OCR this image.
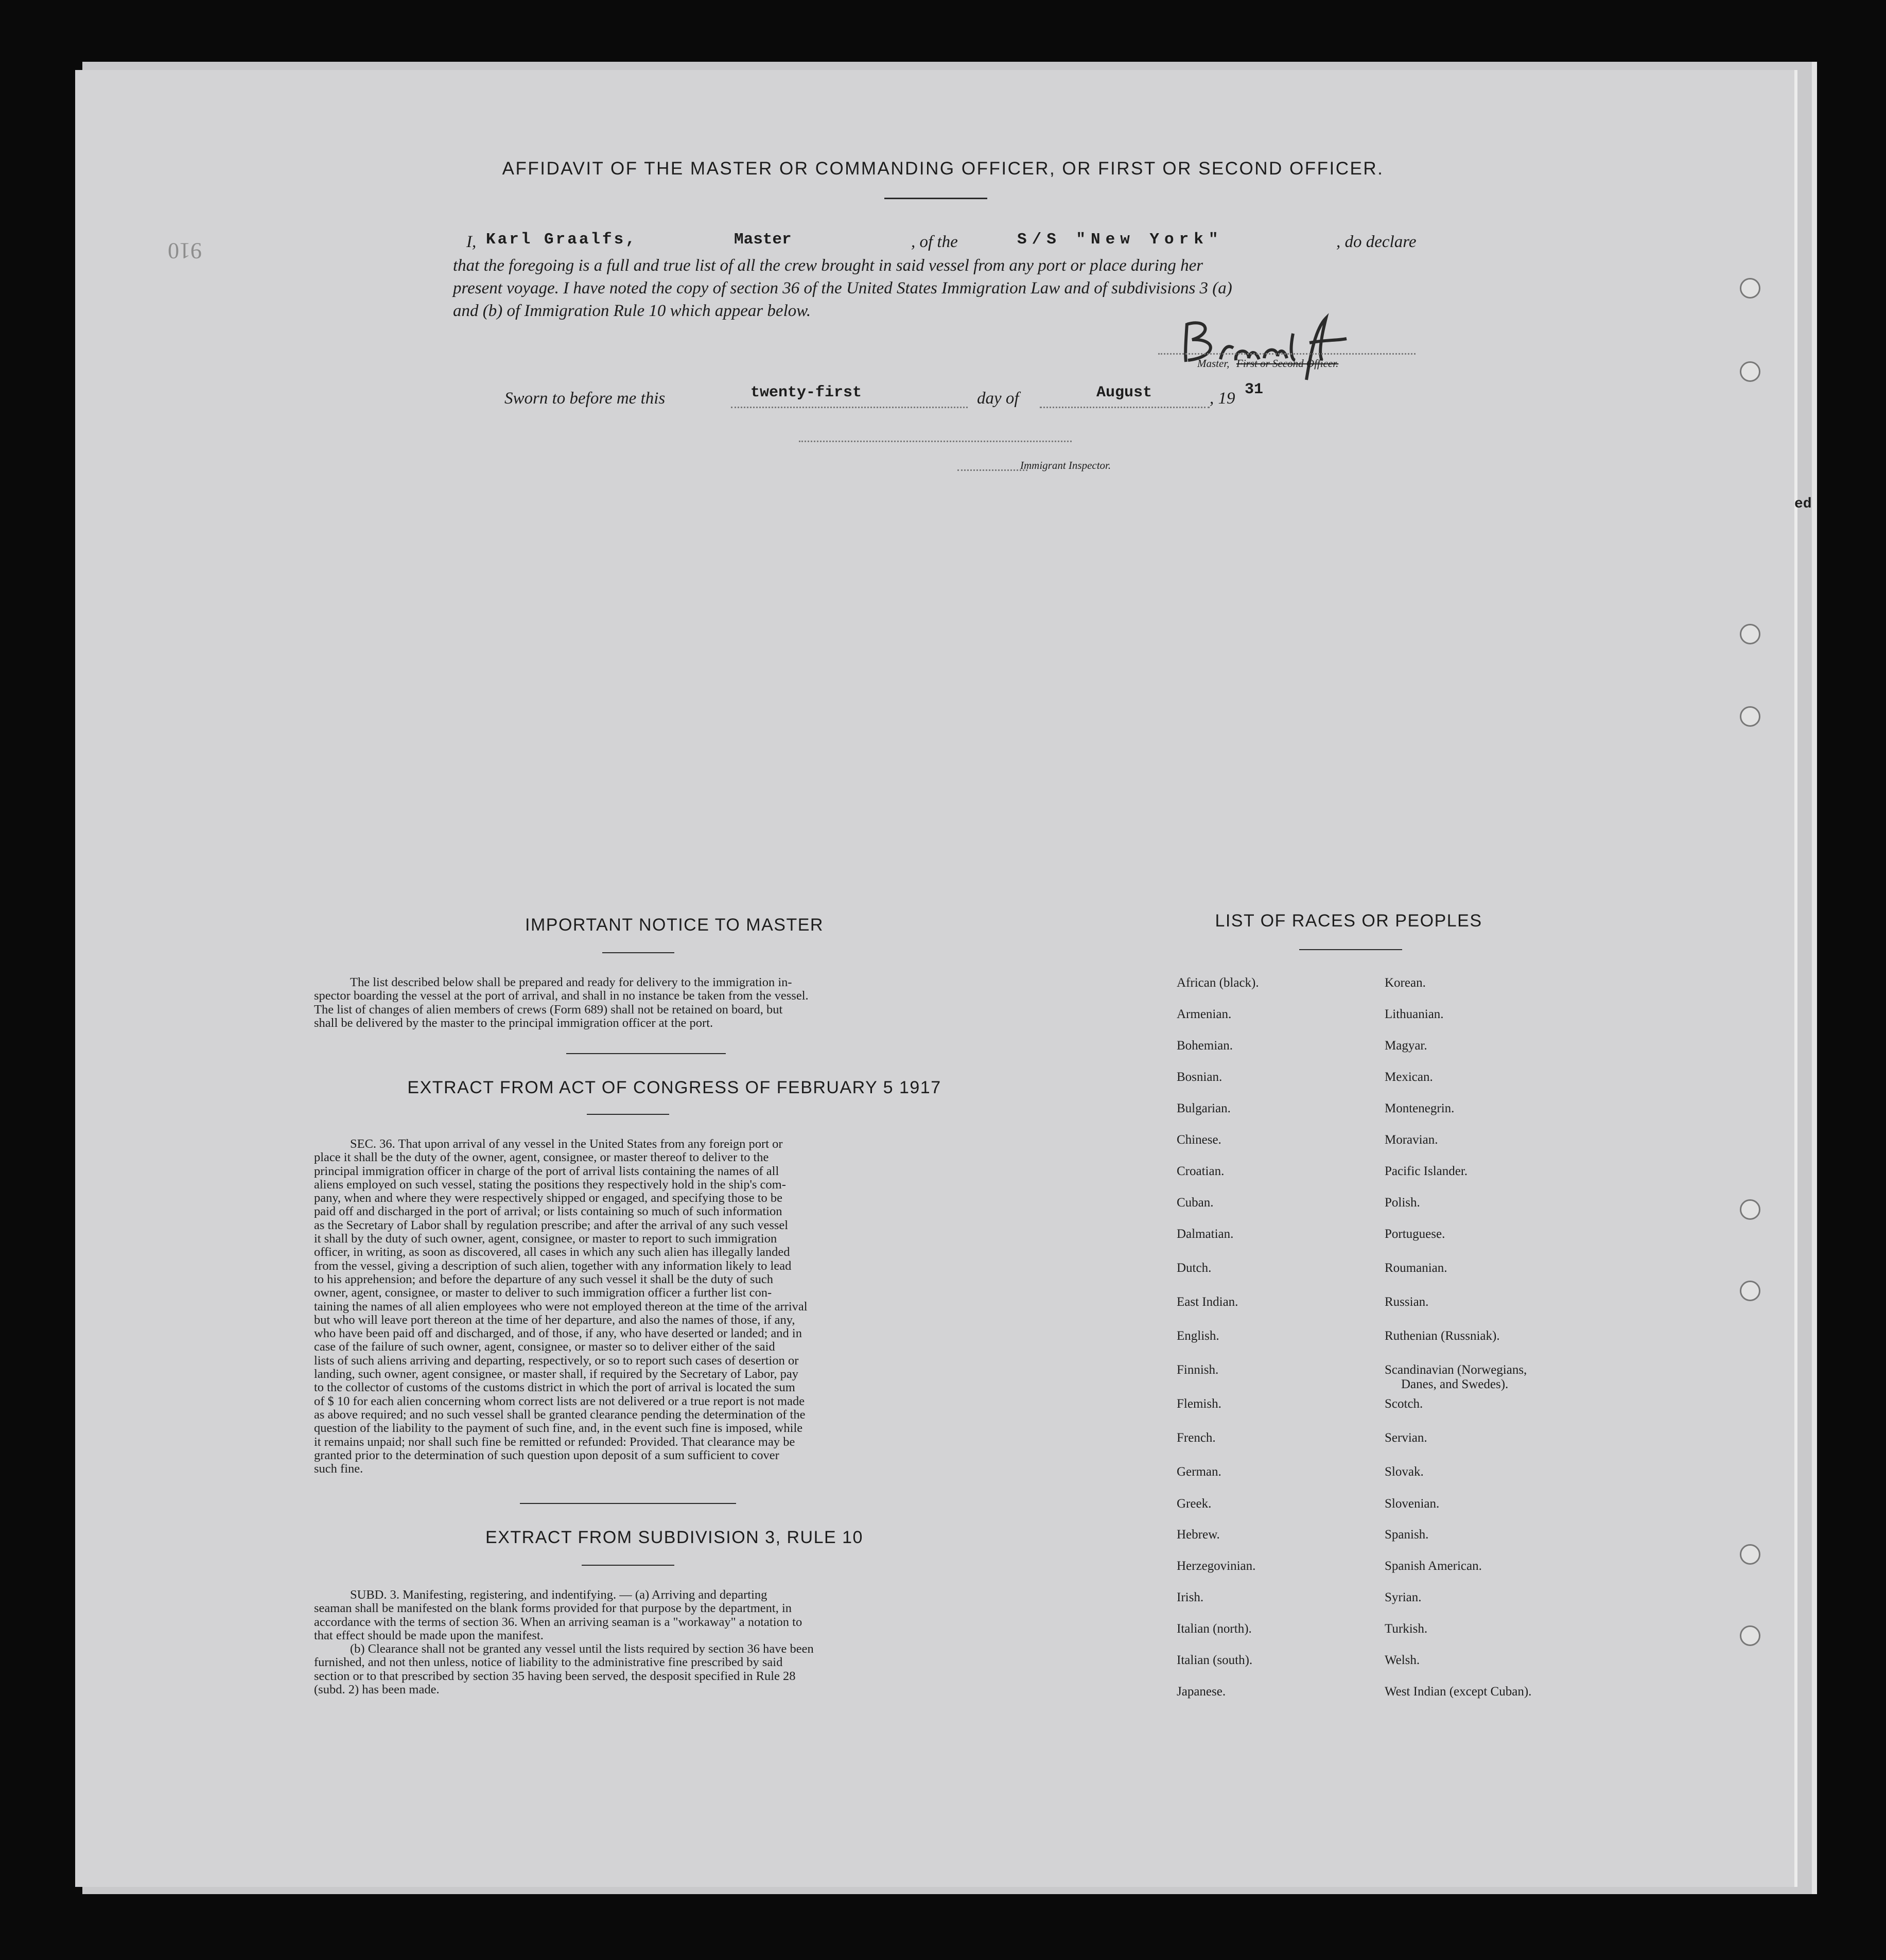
AFFIDAVIT OF THE MASTER OR COMMANDING OFFICER, OR FIRST OR SECOND OFFICER.
910	I, Karl Graalfs,	Master	, of the	S/S "New York"	, do declare
that the foregoing is a full and true list of all the crew brought in said vessel from any port or place during her
present voyage. I have noted the copy of section 36 of the United States Immigration Law and of subdivisions 3 (a)
and (b) of Immigration Rule 10 which appear below.
Master, First or Second Officer.
Sworn to before me this	twenty-first	day of	August	, 19 31
Immigrant Inspector.
ed
IMPORTANT NOTICE TO MASTER

The list described below shall be prepared and ready for delivery to the immigration in-

spector boarding the vessel at the port of arrival, and shall in no instance be taken from the vessel.
The list of changes of alien members of crews (Form 689) shall not be retained on board, but
shall be delivered by the master to the principal immigration officer at the port.
EXTRACT FROM ACT OF CONGRESS OF FEBRUARY 5 1917

SEC. 36. That upon arrival of any vessel in the United States from any foreign port or

place it shall be the duty of the owner, agent, consignee, or master thereof to deliver to the
principal immigration officer in charge of the port of arrival lists containing the names of all
aliens employed on such vessel, stating the positions they respectively hold in the ship's com-
pany, when and where they were respectively shipped or engaged, and specifying those to be
paid off and discharged in the port of arrival; or lists containing so much of such information
as the Secretary of Labor shall by regulation prescribe; and after the arrival of any such vessel
it shall by the duty of such owner, agent, consignee, or master to report to such immigration
officer, in writing, as soon as discovered, all cases in which any such alien has illegally landed
from the vessel, giving a description of such alien, together with any information likely to lead
to his apprehension; and before the departure of any such vessel it shall be the duty of such
owner, agent, consignee, or master to deliver to such immigration officer a further list con-
taining the names of all alien employees who were not employed thereon at the time of the arrival
but who will leave port thereon at the time of her departure, and also the names of those, if any,
who have been paid off and discharged, and of those, if any, who have deserted or landed; and in
case of the failure of such owner, agent, consignee, or master so to deliver either of the said
lists of such aliens arriving and departing, respectively, or so to report such cases of desertion or
landing, such owner, agent consignee, or master shall, if required by the Secretary of Labor, pay
to the collector of customs of the customs district in which the port of arrival is located the sum
of $ 10 for each alien concerning whom correct lists are not delivered or a true report is not made
as above required; and no such vessel shall be granted clearance pending the determination of the
question of the liability to the payment of such fine, and, in the event such fine is imposed, while
it remains unpaid; nor shall such fine be remitted or refunded: Provided. That clearance may be
granted prior to the determination of such question upon deposit of a sum sufficient to cover
such fine.
EXTRACT FROM SUBDIVISION 3, RULE 10

SUBD. 3. Manifesting, registering, and indentifying. — (a) Arriving and departing

seaman shall be manifested on the blank forms provided for that purpose by the department, in
accordance with the terms of section 36. When an arriving seaman is a "workaway" a notation to
that effect should be made upon the manifest.

(b) Clearance shall not be granted any vessel until the lists required by section 36 have been

furnished, and not then unless, notice of liability to the administrative fine prescribed by said
section or to that prescribed by section 35 having been served, the desposit specified in Rule 28
(subd. 2) has been made.
LIST OF RACES OR PEOPLES
African (black).
Armenian.
Bohemian.
Bosnian.
Bulgarian.
Chinese.
Croatian.
Cuban.
Dalmatian.
Dutch.
East Indian.
English.
Finnish.
Flemish.
French.
German.
Greek.
Hebrew.
Herzegovinian.
Irish.
Italian (north).
Italian (south).
Japanese.
Korean.
Lithuanian.
Magyar.
Mexican.
Montenegrin.
Moravian.
Pacific Islander.
Polish.
Portuguese.
Roumanian.
Russian.
Ruthenian (Russniak).
Scandinavian (Norwegians,
Danes, and Swedes).
Scotch.
Servian.
Slovak.
Slovenian.
Spanish.
Spanish American.
Syrian.
Turkish.
Welsh.
West Indian (except Cuban).
